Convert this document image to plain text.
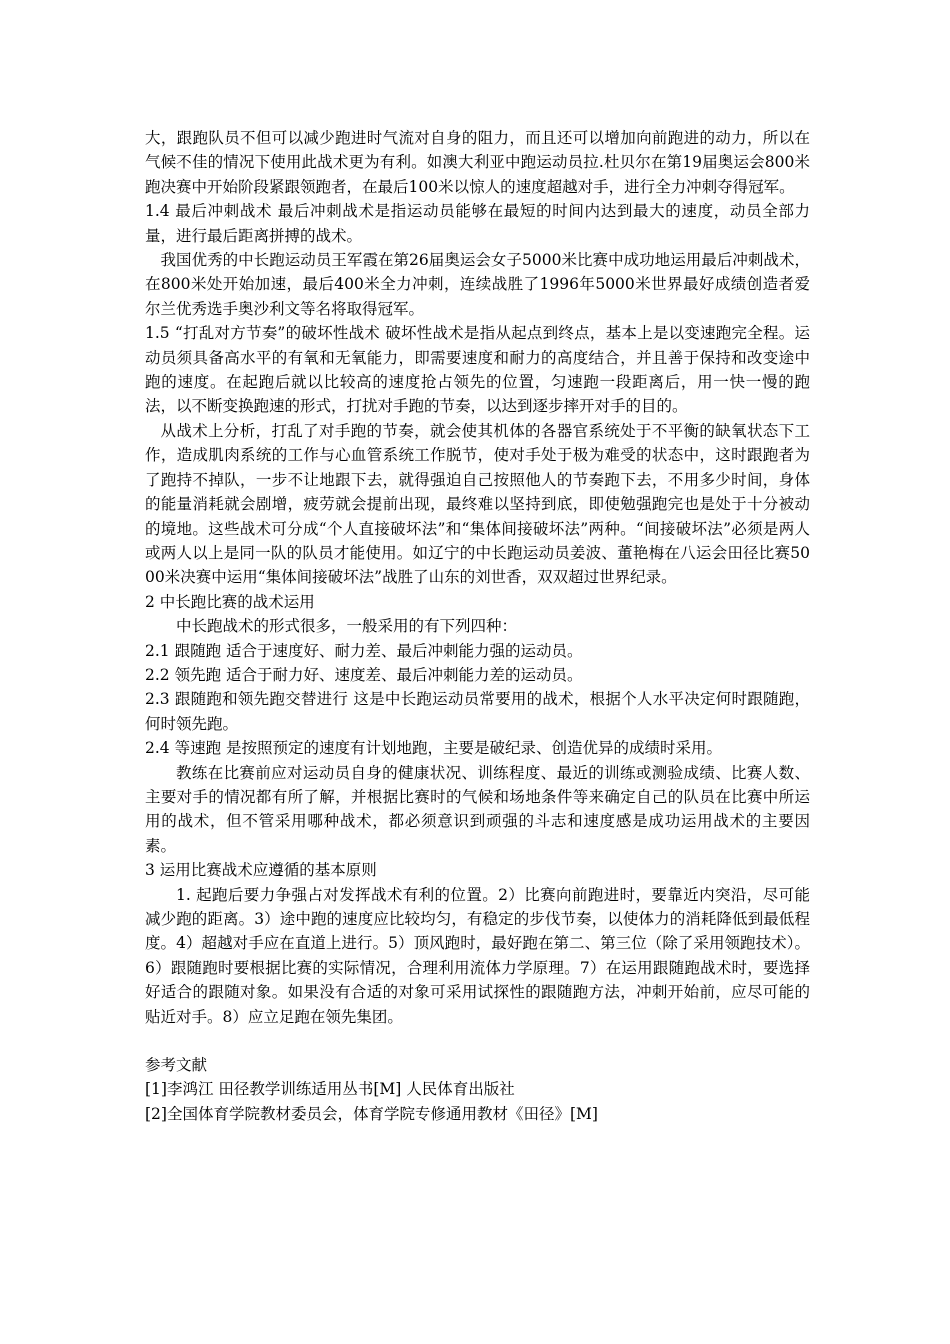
大，跟跑队员不但可以减少跑进时气流对自身的阻力，而且还可以增加向前跑进的动力，所以在气候不佳的情况下使用此战术更为有利。如澳大利亚中跑运动员拉.杜贝尔在第19届奥运会800米跑决赛中开始阶段紧跟领跑者，在最后100米以惊人的速度超越对手，进行全力冲刺夺得冠军。

1.4 最后冲刺战术 最后冲刺战术是指运动员能够在最短的时间内达到最大的速度，动员全部力量，进行最后距离拼搏的战术。

我国优秀的中长跑运动员王军霞在第26届奥运会女子5000米比赛中成功地运用最后冲刺战术，在800米处开始加速，最后400米全力冲刺，连续战胜了1996年5000米世界最好成绩创造者爱尔兰优秀选手奥沙利文等名将取得冠军。

1.5 “打乱对方节奏”的破坏性战术 破坏性战术是指从起点到终点，基本上是以变速跑完全程。运动员须具备高水平的有氧和无氧能力，即需要速度和耐力的高度结合，并且善于保持和改变途中跑的速度。在起跑后就以比较高的速度抢占领先的位置，匀速跑一段距离后，用一快一慢的跑法，以不断变换跑速的形式，打扰对手跑的节奏，以达到逐步摔开对手的目的。

从战术上分析，打乱了对手跑的节奏，就会使其机体的各器官系统处于不平衡的缺氧状态下工作，造成肌肉系统的工作与心血管系统工作脱节，使对手处于极为难受的状态中，这时跟跑者为了跑持不掉队，一步不让地跟下去，就得强迫自己按照他人的节奏跑下去，不用多少时间，身体的能量消耗就会剧增，疲劳就会提前出现，最终难以坚持到底，即使勉强跑完也是处于十分被动的境地。这些战术可分成“个人直接破坏法”和“集体间接破坏法”两种。“间接破坏法”必须是两人或两人以上是同一队的队员才能使用。如辽宁的中长跑运动员姜波、董艳梅在八运会田径比赛5000米决赛中运用“集体间接破坏法”战胜了山东的刘世香，双双超过世界纪录。

2 中长跑比赛的战术运用

中长跑战术的形式很多，一般采用的有下列四种：

2.1 跟随跑 适合于速度好、耐力差、最后冲刺能力强的运动员。

2.2 领先跑 适合于耐力好、速度差、最后冲刺能力差的运动员。

2.3 跟随跑和领先跑交替进行 这是中长跑运动员常要用的战术，根据个人水平决定何时跟随跑，何时领先跑。

2.4 等速跑 是按照预定的速度有计划地跑，主要是破纪录、创造优异的成绩时采用。

教练在比赛前应对运动员自身的健康状况、训练程度、最近的训练或测验成绩、比赛人数、主要对手的情况都有所了解，并根据比赛时的气候和场地条件等来确定自己的队员在比赛中所运用的战术，但不管采用哪种战术，都必须意识到顽强的斗志和速度感是成功运用战术的主要因素。

3 运用比赛战术应遵循的基本原则

1. 起跑后要力争强占对发挥战术有利的位置。2）比赛向前跑进时，要靠近内突沿，尽可能减少跑的距离。3）途中跑的速度应比较均匀，有稳定的步伐节奏，以使体力的消耗降低到最低程度。4）超越对手应在直道上进行。5）顶风跑时，最好跑在第二、第三位（除了采用领跑技术）。6）跟随跑时要根据比赛的实际情况，合理利用流体力学原理。7）在运用跟随跑战术时，要选择好适合的跟随对象。如果没有合适的对象可采用试探性的跟随跑方法，冲刺开始前，应尽可能的贴近对手。8）应立足跑在领先集团。

参考文献

[1]李鸿江 田径教学训练适用丛书[M] 人民体育出版社

[2]全国体育学院教材委员会，体育学院专修通用教材《田径》[M]
